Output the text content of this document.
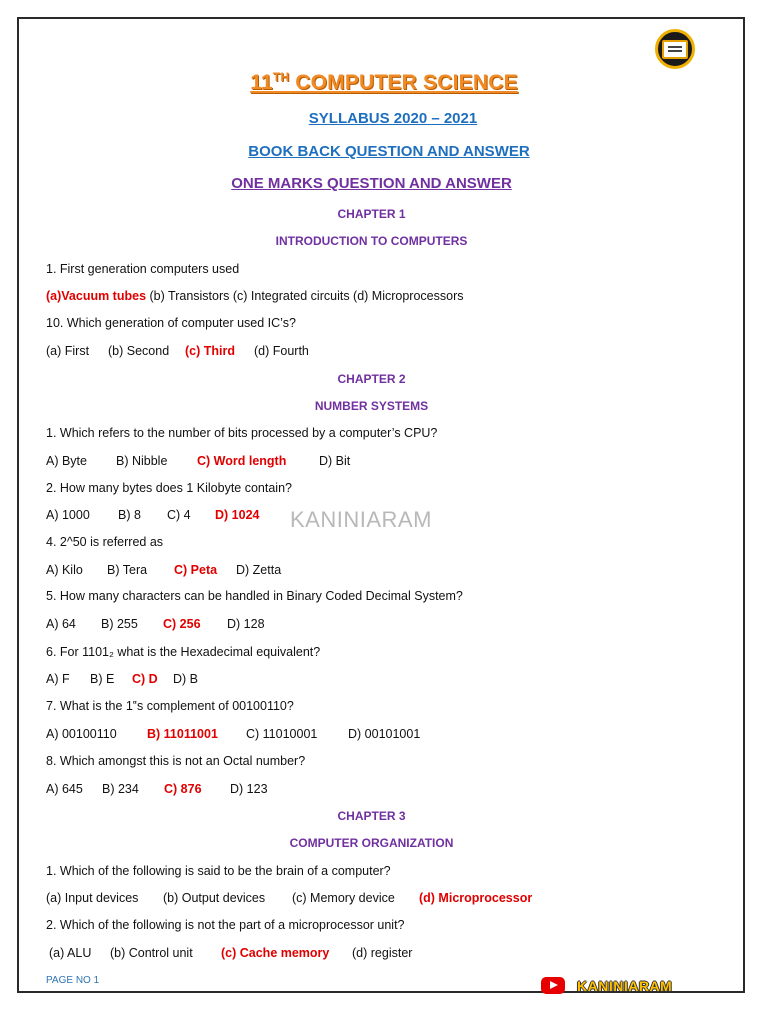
11TH COMPUTER SCIENCE
SYLLABUS 2020 – 2021
BOOK BACK QUESTION AND ANSWER
ONE MARKS QUESTION AND ANSWER
CHAPTER 1
INTRODUCTION TO COMPUTERS
1. First generation computers used
(a)Vacuum tubes (b) Transistors (c) Integrated circuits (d) Microprocessors
10. Which generation of computer used IC’s?
(a) First (b) Second (c) Third (d) Fourth
CHAPTER 2
NUMBER SYSTEMS
1. Which refers to the number of bits processed by a computer’s CPU?
A) Byte B) Nibble C) Word length	D) Bit
2. How many bytes does 1 Kilobyte contain?
A) 1000 B) 8 C) 4 D) 1024 KANINIARAM
4. 2^50 is referred as
A) Kilo B) Tera C) Peta D) Zetta
5. How many characters can be handled in Binary Coded Decimal System?
A) 64 B) 255 C) 256 D) 128
6. For 1101₂ what is the Hexadecimal equivalent?
A) F B) E C) D D) B
7. What is the 1‟s complement of 00100110?
A) 00100110 B) 11011001 C) 11010001 D) 00101001
8. Which amongst this is not an Octal number?
A) 645 B) 234 C) 876 D) 123
CHAPTER 3
COMPUTER ORGANIZATION
1. Which of the following is said to be the brain of a computer?
(a) Input devices (b) Output devices (c) Memory device (d) Microprocessor
2. Which of the following is not the part of a microprocessor unit?
(a) ALU (b) Control unit (c) Cache memory (d) register
PAGE NO 1	KANINIARAM
